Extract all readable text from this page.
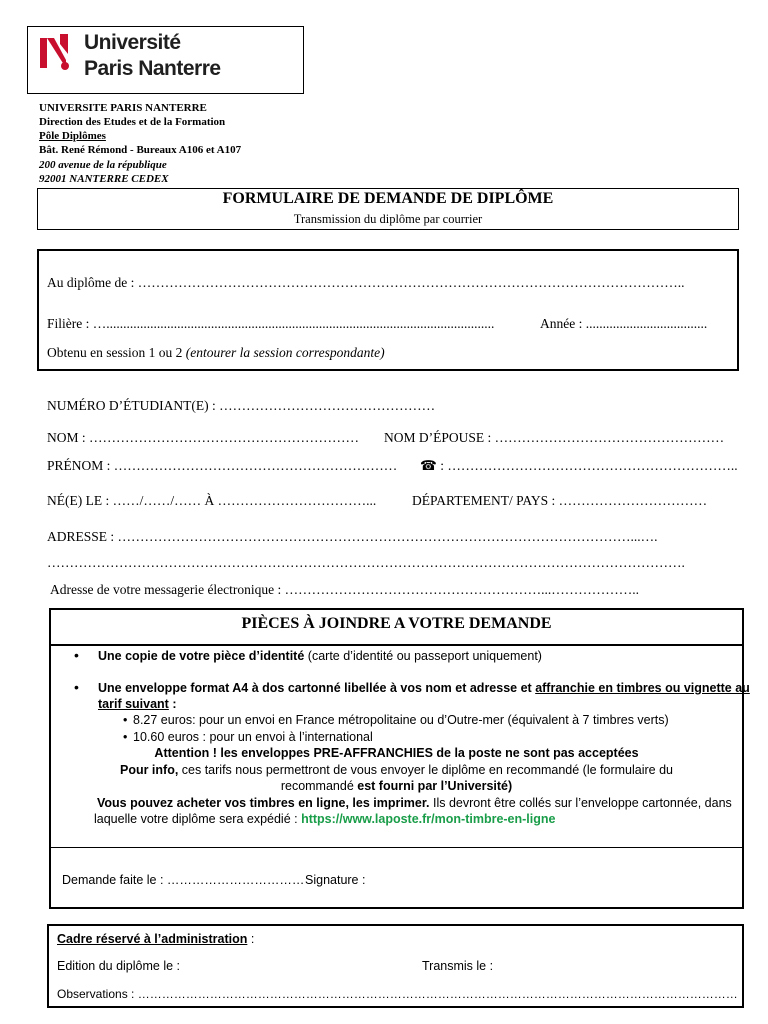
Université
Paris Nanterre
UNIVERSITE PARIS NANTERRE
Direction des Etudes et de la Formation
Pôle Diplômes
Bât. René Rémond - Bureaux A106 et A107
200 avenue de la république
92001 NANTERRE CEDEX
FORMULAIRE DE DEMANDE DE DIPLÔME
Transmission du diplôme par courrier
Au diplôme de : …………………………………………………………………………………………………………..
Filière : …...................................................................................................................	Année : ....................................
Obtenu en session 1 ou 2 (entourer la session correspondante)
NUMÉRO D’ÉTUDIANT(E) : …………………………………………
NOM : …………………………………………………… NOM D’ÉPOUSE : ……………………………………………
PRÉNOM : ……………………………………………………… ☎ : ………………………………………………………..
NÉ(E) LE : ……/……/…… À ……………………………...	DÉPARTEMENT/ PAYS : ……………………………
ADRESSE : ……………………………………………………………………………………………………...….
…………………………………………………………………………………………………………………………….
Adresse de votre messagerie électronique : …………………………………………………...………………..
PIÈCES À JOINDRE A VOTRE DEMANDE
• Une copie de votre pièce d’identité (carte d’identité ou passeport uniquement)
• Une enveloppe format A4 à dos cartonné libellée à vos nom et adresse et affranchie en timbres ou vignette au
tarif suivant :
• 8.27 euros: pour un envoi en France métropolitaine ou d’Outre-mer (équivalent à 7 timbres verts)
• 10.60 euros : pour un envoi à l’international
Attention ! les enveloppes PRE-AFFRANCHIES de la poste ne sont pas acceptées
Pour info, ces tarifs nous permettront de vous envoyer le diplôme en recommandé (le formulaire du
recommandé est fourni par l’Université)
Vous pouvez acheter vos timbres en ligne, les imprimer. Ils devront être collés sur l’enveloppe cartonnée, dans
laquelle votre diplôme sera expédié : https://www.laposte.fr/mon-timbre-en-ligne
Demande faite le : …………………………… Signature :
Cadre réservé à l’administration :
Edition du diplôme le :	Transmis le :
Observations : ……………………………………………………………………………………………………………………………………
